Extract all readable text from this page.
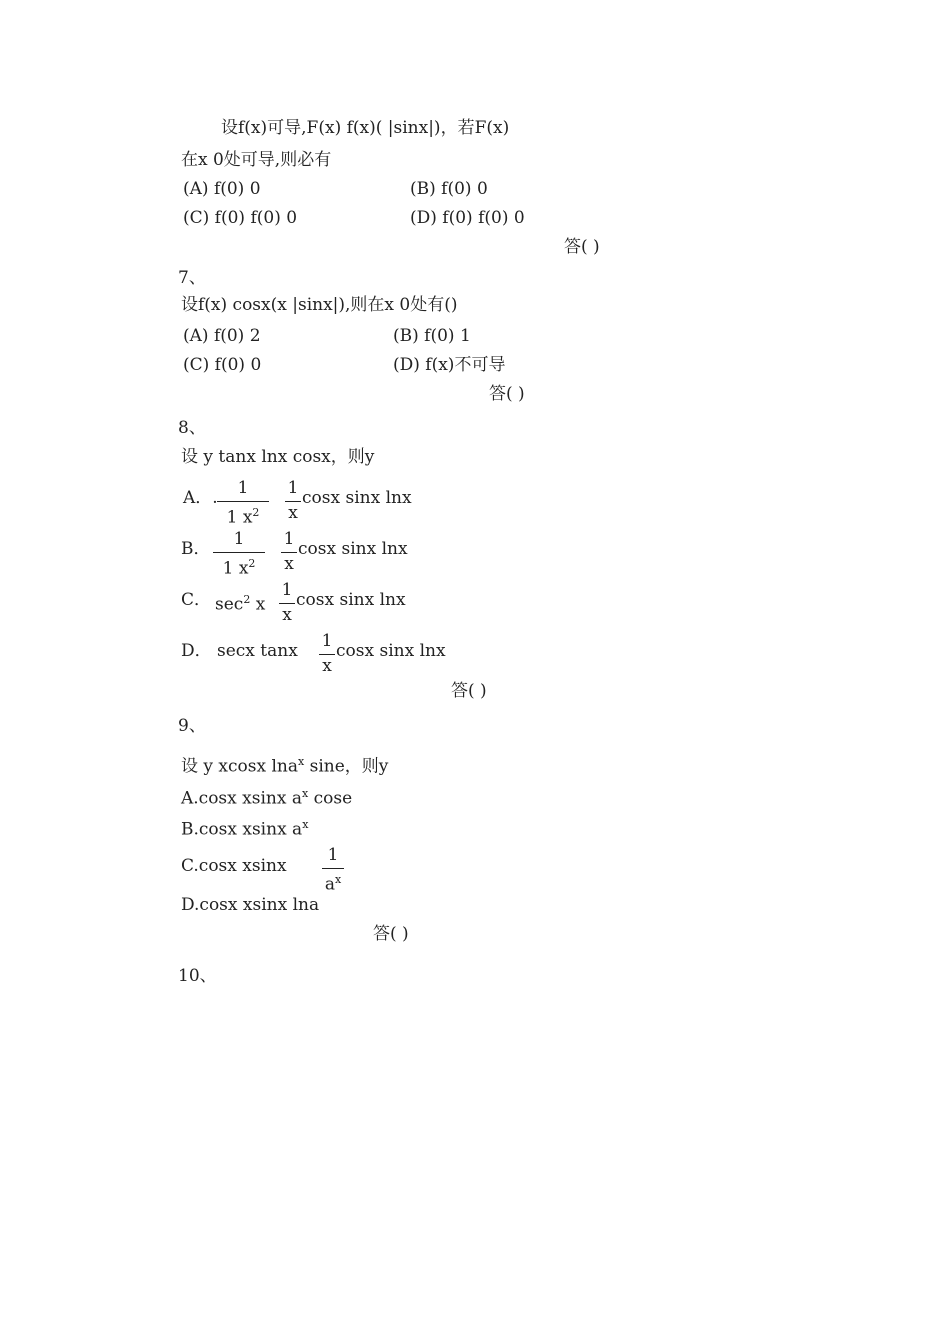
设f(x)可导,F(x) f(x)( |sinx|)，若F(x)
在x 0处可导,则必有
(A) f(0) 0	(B) f(0) 0
(C) f(0) f(0) 0	(D) f(0) f(0) 0
答( )
7、
设f(x) cosx(x |sinx|),则在x 0处有()
(A) f(0) 2	(B) f(0) 1
(C) f(0) 0	(D) f(x)不可导
答( )
8、
设 y tanx lnx cosx，则y
A．.	1
1 $x^2$
1
x
cosx sinx lnx
B．	1
1 $x^2$
1
x
cosx sinx lnx
C． $\sec^2 x$
1
x
cosx sinx lnx
D． secx tanx 1
x
cosx sinx lnx
答( )
9、
设 y xcosx lna$^x$ sine，则y
A.cosx xsinx $a^x$ cose
B.cosx xsinx $a^x$
C.cosx xsinx
1
$a^x$
D.cosx xsinx lna
答( )
10、
